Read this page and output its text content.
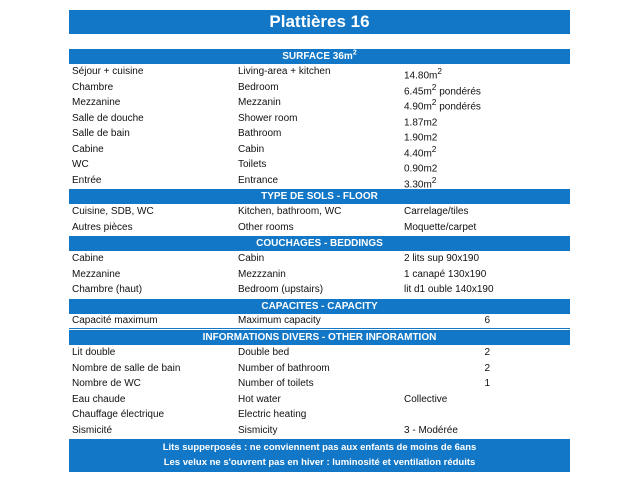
Plattières 16
SURFACE $36m^2$
Séjour + cuisine	Living-area + kitchen	$14.80m^2$
Chambre	Bedroom	$6.45m^2$ pondérés
Mezzanine	Mezzanin	$4.90m^2$ pondérés
Salle de douche	Shower room	1.87m2
Salle de bain	Bathroom	1.90m2
Cabine	Cabin	$4.40m^2$
WC	Toilets	0.90m2
Entrée	Entrance	$3.30m^2$
TYPE DE SOLS - FLOOR
Cuisine, SDB, WC	Kitchen, bathroom, WC	Carrelage/tiles
Autres pièces	Other rooms	Moquette/carpet
COUCHAGES - BEDDINGS
Cabine	Cabin	2 lits sup 90x190
Mezzanine	Mezzzanin	1 canapé 130x190
Chambre (haut)	Bedroom (upstairs)	lit d1 ouble 140x190
CAPACITES - CAPACITY
Capacité maximum	Maximum capacity	6
INFORMATIONS DIVERS - OTHER INFORAMTION
Lit double	Double bed	2
Nombre de salle de bain	Number of bathroom	2
Nombre de WC	Number of toilets	1
Eau chaude	Hot water	Collective
Chauffage électrique	Electric heating
Sismicité	Sismicity	3 - Modérée
Lits supperposés : ne conviennent pas aux enfants de moins de 6ans
Les velux ne s'ouvrent pas en hiver : luminosité et ventilation réduits
